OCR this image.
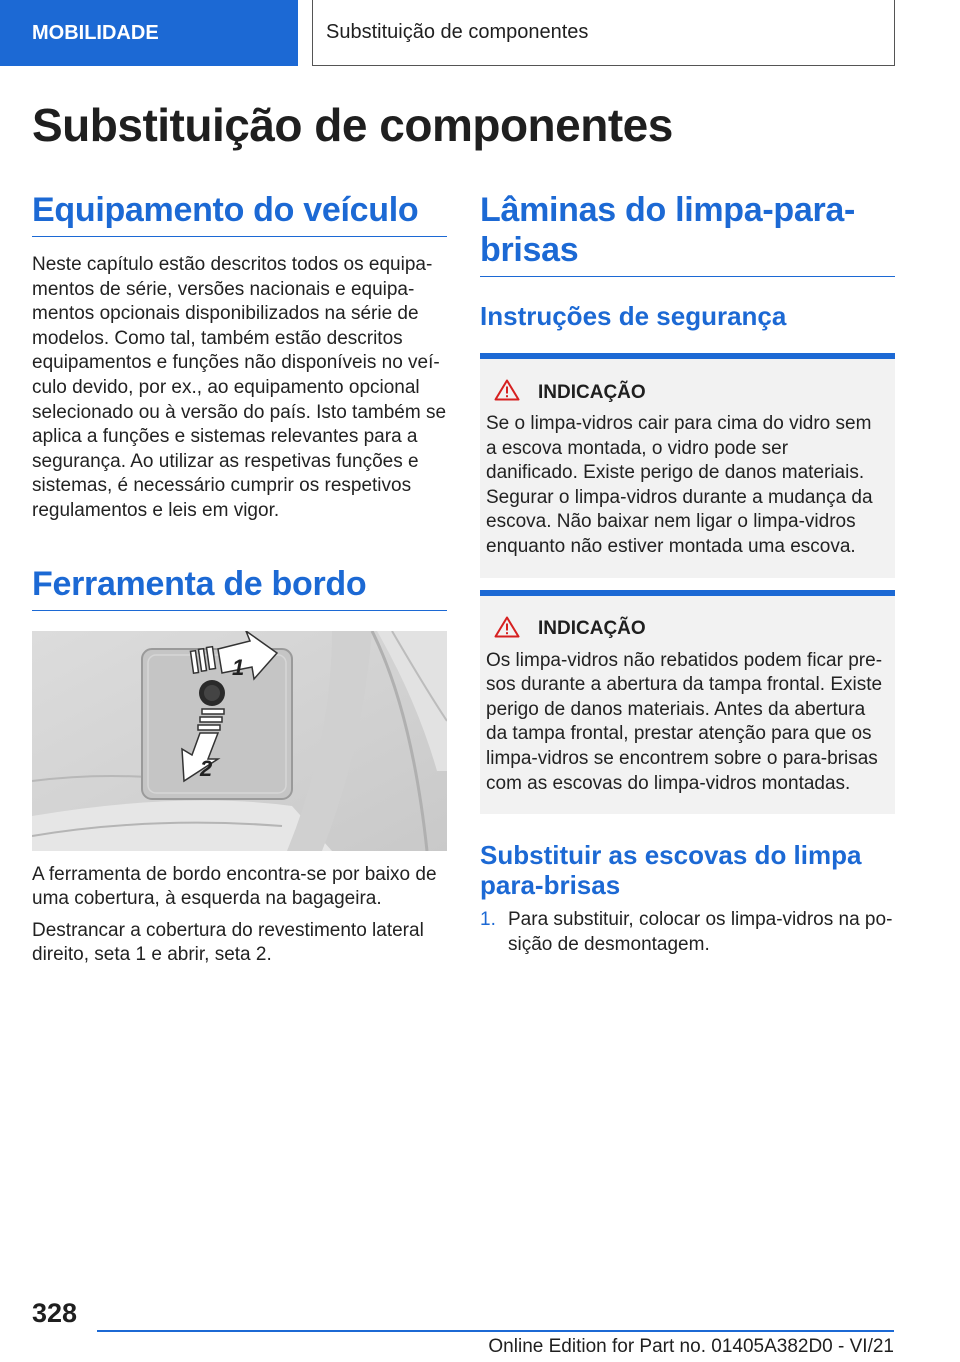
MOBILIDADE	Substituição de componentes
Substituição de componentes
Equipamento do veículo

Neste capítulo estão descritos todos os equipamentos de série, versões nacionais e equipamentos opcionais disponibilizados na série de modelos. Como tal, também estão descritos equipamentos e funções não disponíveis no veículo devido, por ex., ao equipamento opcional selecionado ou à versão do país. Isto também se aplica a funções e sistemas relevantes para a segurança. Ao utilizar as respetivas funções e sistemas, é necessário cumprir os respetivos regulamentos e leis em vigor.

Ferramenta de bordo
1
2

A ferramenta de bordo encontra-se por baixo de uma cobertura, à esquerda na bagageira.

Destrancar a cobertura do revestimento lateral direito, seta 1 e abrir, seta 2.

Lâminas do limpa-para-brisas
Instruções de segurança
INDICAÇÃO

Se o limpa-vidros cair para cima do vidro sem a escova montada, o vidro pode ser danificado. Existe perigo de danos materiais. Segurar o limpa-vidros durante a mudança da escova. Não baixar nem ligar o limpa-vidros enquanto não estiver montada uma escova.

INDICAÇÃO

Os limpa-vidros não rebatidos podem ficar presos durante a abertura da tampa frontal. Existe perigo de danos materiais. Antes da abertura da tampa frontal, prestar atenção para que os limpa-vidros se encontrem sobre o para-brisas com as escovas do limpa-vidros montadas.

Substituir as escovas do limpa para-brisas
1. Para substituir, colocar os limpa-vidros na posição de desmontagem.
328
Online Edition for Part no. 01405A382D0 - VI/21
